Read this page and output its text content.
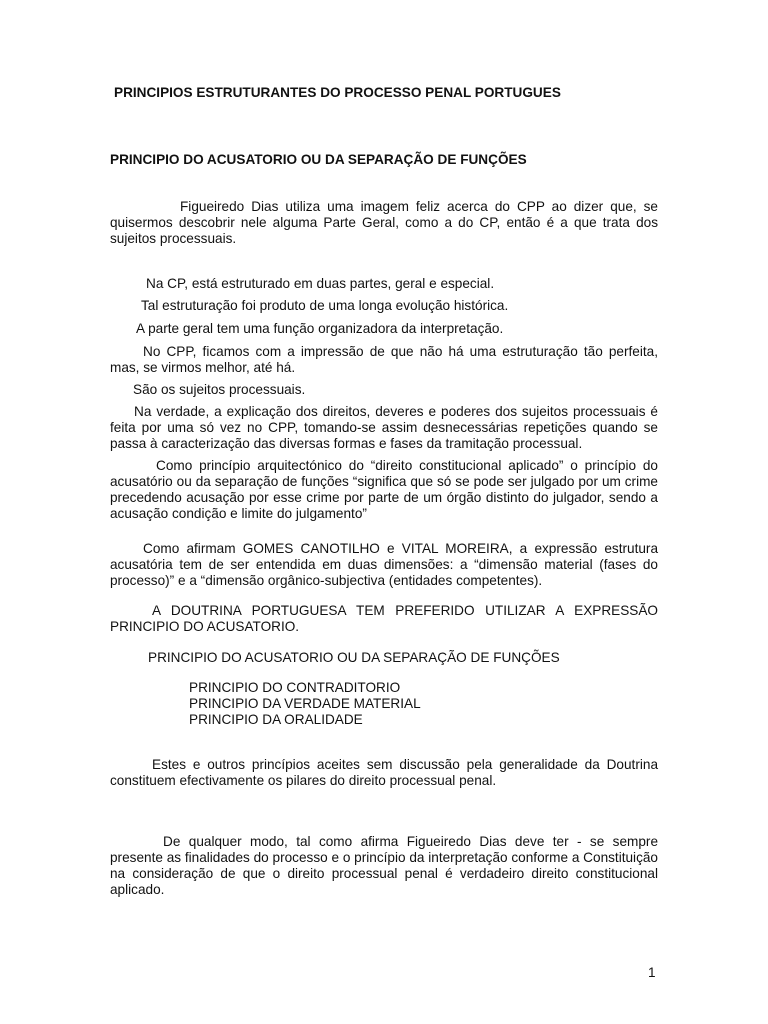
PRINCIPIOS ESTRUTURANTES DO PROCESSO PENAL PORTUGUES
PRINCIPIO DO ACUSATORIO OU DA SEPARAÇÃO DE FUNÇÕES

Figueiredo Dias utiliza uma imagem feliz acerca do CPP ao dizer que, se quisermos descobrir nele alguma Parte Geral, como a do CP, então é a que trata dos sujeitos processuais.

Na CP, está estruturado em duas partes, geral e especial.
Tal estruturação foi produto de uma longa evolução histórica.
A parte geral tem uma função organizadora da interpretação.

No CPP, ficamos com a impressão de que não há uma estruturação tão perfeita, mas, se virmos melhor, até há.

São os sujeitos processuais.

Na verdade, a explicação dos direitos, deveres e poderes dos sujeitos processuais é feita por uma só vez no CPP, tomando-se assim desnecessárias repetições quando se passa à caracterização das diversas formas e fases da tramitação processual.

Como princípio arquitectónico do “direito constitucional aplicado” o princípio do acusatório ou da separação de funções “significa que só se pode ser julgado por um crime precedendo acusação por esse crime por parte de um órgão distinto do julgador, sendo a acusação condição e limite do julgamento”

Como afirmam GOMES CANOTILHO e VITAL MOREIRA, a expressão estrutura acusatória tem de ser entendida em duas dimensões: a “dimensão material (fases do processo)” e a “dimensão orgânico-subjectiva (entidades competentes).

A DOUTRINA PORTUGUESA TEM PREFERIDO UTILIZAR A EXPRESSÃO PRINCIPIO DO ACUSATORIO.

PRINCIPIO DO ACUSATORIO OU DA SEPARAÇÃO DE FUNÇÕES
PRINCIPIO DO CONTRADITORIO
PRINCIPIO DA VERDADE MATERIAL
PRINCIPIO DA ORALIDADE

Estes e outros princípios aceites sem discussão pela generalidade da Doutrina constituem efectivamente os pilares do direito processual penal.

De qualquer modo, tal como afirma Figueiredo Dias deve ter - se sempre presente as finalidades do processo e o princípio da interpretação conforme a Constituição na consideração de que o direito processual penal é verdadeiro direito constitucional aplicado.

1
